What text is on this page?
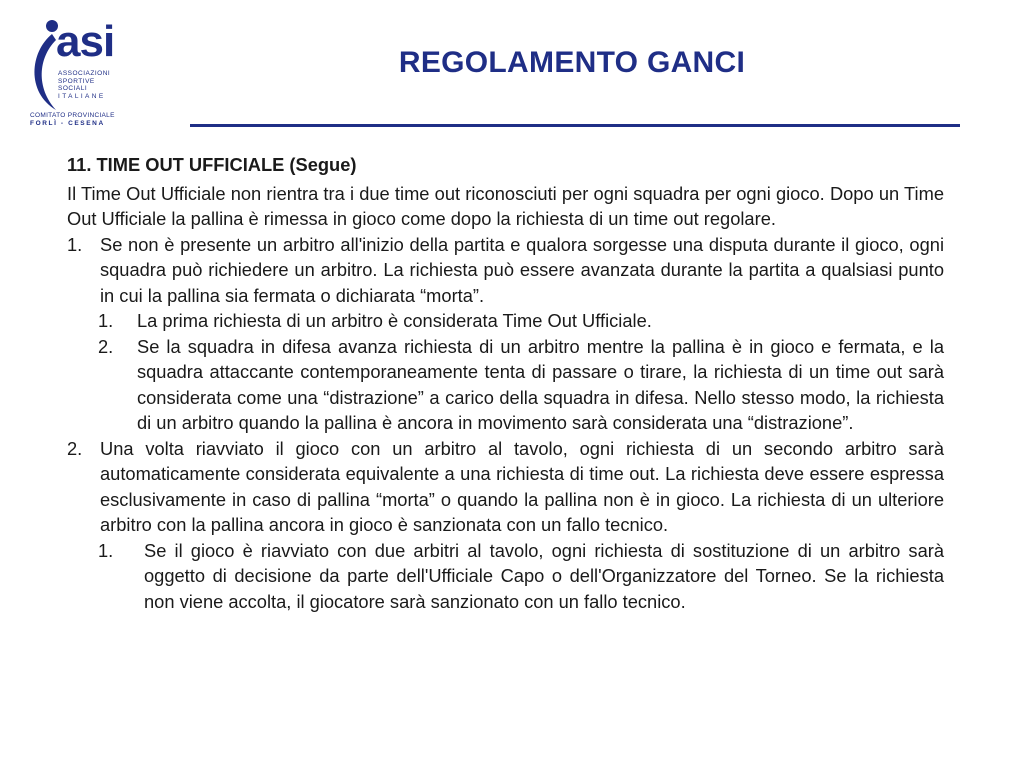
asi
ASSOCIAZIONI
SPORTIVE SOCIALI
ITALIANE
COMITATO PROVINCIALE
FORLÌ - CESENA
REGOLAMENTO GANCI

11. TIME OUT UFFICIALE (Segue)

Il Time Out Ufficiale non rientra tra i due time out riconosciuti per ogni squadra per ogni gioco. Dopo un Time Out Ufficiale la pallina è rimessa in gioco come dopo la richiesta di un time out regolare.

1. Se non è presente un arbitro all'inizio della partita e qualora sorgesse una disputa durante il gioco, ogni squadra può richiedere un arbitro. La richiesta può essere avanzata durante la partita a qualsiasi punto in cui la pallina sia fermata o dichiarata “morta”.
1. La prima richiesta di un arbitro è considerata Time Out Ufficiale.
2. Se la squadra in difesa avanza richiesta di un arbitro mentre la pallina è in gioco e fermata, e la squadra attaccante contemporaneamente tenta di passare o tirare, la richiesta di un time out sarà considerata come una “distrazione” a carico della squadra in difesa. Nello stesso modo, la richiesta di un arbitro quando la pallina è ancora in movimento sarà considerata una “distrazione”.
2. Una volta riavviato il gioco con un arbitro al tavolo, ogni richiesta di un secondo arbitro sarà automaticamente considerata equivalente a una richiesta di time out. La richiesta deve essere espressa esclusivamente in caso di pallina “morta” o quando la pallina non è in gioco. La richiesta di un ulteriore arbitro con la pallina ancora in gioco è sanzionata con un fallo tecnico.
1. Se il gioco è riavviato con due arbitri al tavolo, ogni richiesta di sostituzione di un arbitro sarà oggetto di decisione da parte dell'Ufficiale Capo o dell'Organizzatore del Torneo. Se la richiesta non viene accolta, il giocatore sarà sanzionato con un fallo tecnico.
